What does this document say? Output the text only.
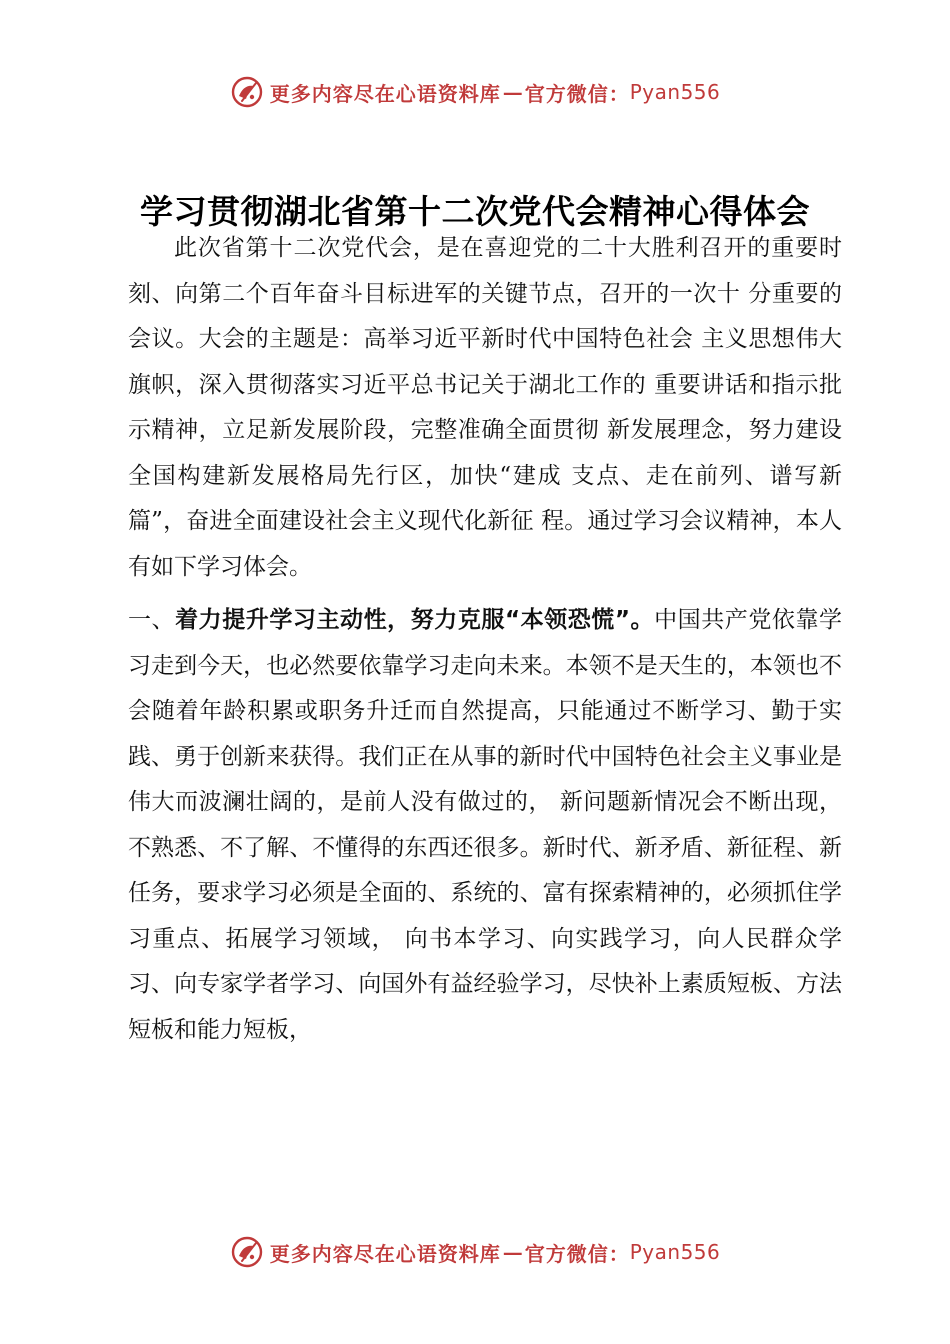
更多内容尽在心语资料库 — 官方微信： Pyan556
学习贯彻湖北省第十二次党代会精神心得体会

此次省第十二次党代会，是在喜迎党的二十大胜利召开的重要时刻、向第二个百年奋斗目标进军的关键节点，召开的一次十 分重要的会议。大会的主题是：高举习近平新时代中国特色社会 主义思想伟大旗帜，深入贯彻落实习近平总书记关于湖北工作的 重要讲话和指示批示精神，立足新发展阶段，完整准确全面贯彻 新发展理念，努力建设全国构建新发展格局先行区，加快“建成 支点、走在前列、谱写新篇”，奋进全面建设社会主义现代化新征 程。通过学习会议精神，本人有如下学习体会。

一、着力提升学习主动性，努力克服“本领恐慌”。中国共产党依靠学习走到今天，也必然要依靠学习走向未来。本领不是天生的，本领也不会随着年龄积累或职务升迁而自然提高，只能通过不断学习、勤于实践、勇于创新来获得。我们正在从事的新时代中国特色社会主义事业是伟大而波澜壮阔的，是前人没有做过的， 新问题新情况会不断出现，不熟悉、不了解、不懂得的东西还很多。新时代、新矛盾、新征程、新任务，要求学习必须是全面的、系统的、富有探索精神的，必须抓住学习重点、拓展学习领域， 向书本学习、向实践学习，向人民群众学习、向专家学者学习、向国外有益经验学习，尽快补上素质短板、方法短板和能力短板，

更多内容尽在心语资料库 — 官方微信： Pyan556
